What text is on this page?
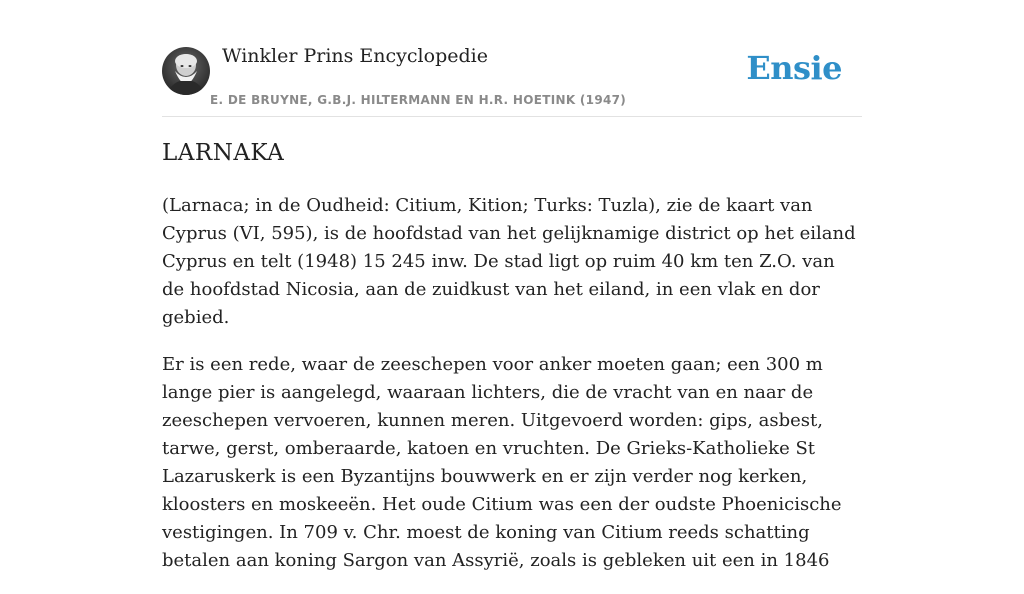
Winkler Prins Encyclopedie
E. DE BRUYNE, G.B.J. HILTERMANN EN H.R. HOETINK (1947)
Ensie
LARNAKA

(Larnaca; in de Oudheid: Citium, Kition; Turks: Tuzla), zie de kaart van Cyprus (VI, 595), is de hoofdstad van het gelijknamige district op het eiland Cyprus en telt (1948) 15 245 inw. De stad ligt op ruim 40 km ten Z.O. van de hoofdstad Nicosia, aan de zuidkust van het eiland, in een vlak en dor gebied.

Er is een rede, waar de zeeschepen voor anker moeten gaan; een 300 m lange pier is aangelegd, waaraan lichters, die de vracht van en naar de zeeschepen vervoeren, kunnen meren. Uitgevoerd worden: gips, asbest, tarwe, gerst, omberaarde, katoen en vruchten. De Grieks-Katholieke St Lazaruskerk is een Byzantijns bouwwerk en er zijn verder nog kerken, kloosters en moskeeën. Het oude Citium was een der oudste Phoenicische vestigingen. In 709 v. Chr. moest de koning van Citium reeds schatting betalen aan koning Sargon van Assyrië, zoals is gebleken uit een in 1846
